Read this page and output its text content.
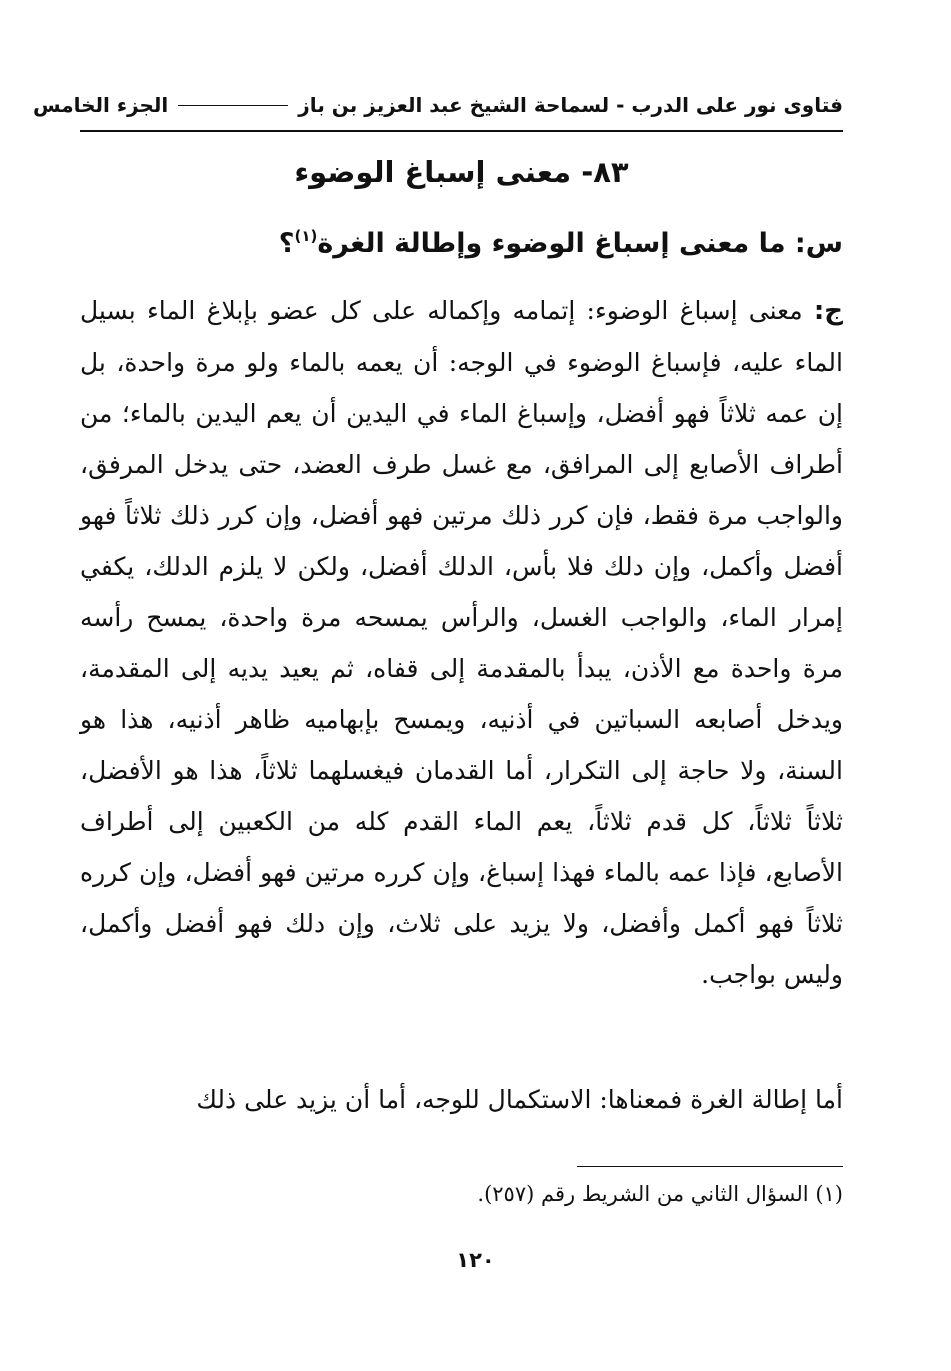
فتاوى نور على الدرب - لسماحة الشيخ عبد العزيز بن باز
الجزء الخامس
٨٣- معنى إسباغ الوضوء
س: ما معنى إسباغ الوضوء وإطالة الغرة$^{(١)}$؟
ج: معنى إسباغ الوضوء: إتمامه وإكماله على كل عضو بإبلاغ الماء بسيل الماء عليه، فإسباغ الوضوء في الوجه: أن يعمه بالماء ولو مرة واحدة، بل إن عمه ثلاثاً فهو أفضل، وإسباغ الماء في اليدين أن يعم اليدين بالماء؛ من أطراف الأصابع إلى المرافق، مع غسل طرف العضد، حتى يدخل المرفق، والواجب مرة فقط، فإن كرر ذلك مرتين فهو أفضل، وإن كرر ذلك ثلاثاً فهو أفضل وأكمل، وإن دلك فلا بأس، الدلك أفضل، ولكن لا يلزم الدلك، يكفي إمرار الماء، والواجب الغسل، والرأس يمسحه مرة واحدة، يمسح رأسه مرة واحدة مع الأذن، يبدأ بالمقدمة إلى قفاه، ثم يعيد يديه إلى المقدمة، ويدخل أصابعه السباتين في أذنيه، ويمسح بإبهاميه ظاهر أذنيه، هذا هو السنة، ولا حاجة إلى التكرار، أما القدمان فيغسلهما ثلاثاً، هذا هو الأفضل، ثلاثاً ثلاثاً، كل قدم ثلاثاً، يعم الماء القدم كله من الكعبين إلى أطراف الأصابع، فإذا عمه بالماء فهذا إسباغ، وإن كرره مرتين فهو أفضل، وإن كرره ثلاثاً فهو أكمل وأفضل، ولا يزيد على ثلاث، وإن دلك فهو أفضل وأكمل، وليس بواجب.
أما إطالة الغرة فمعناها: الاستكمال للوجه، أما أن يزيد على ذلك
(١) السؤال الثاني من الشريط رقم (٢٥٧).
١٢٠
